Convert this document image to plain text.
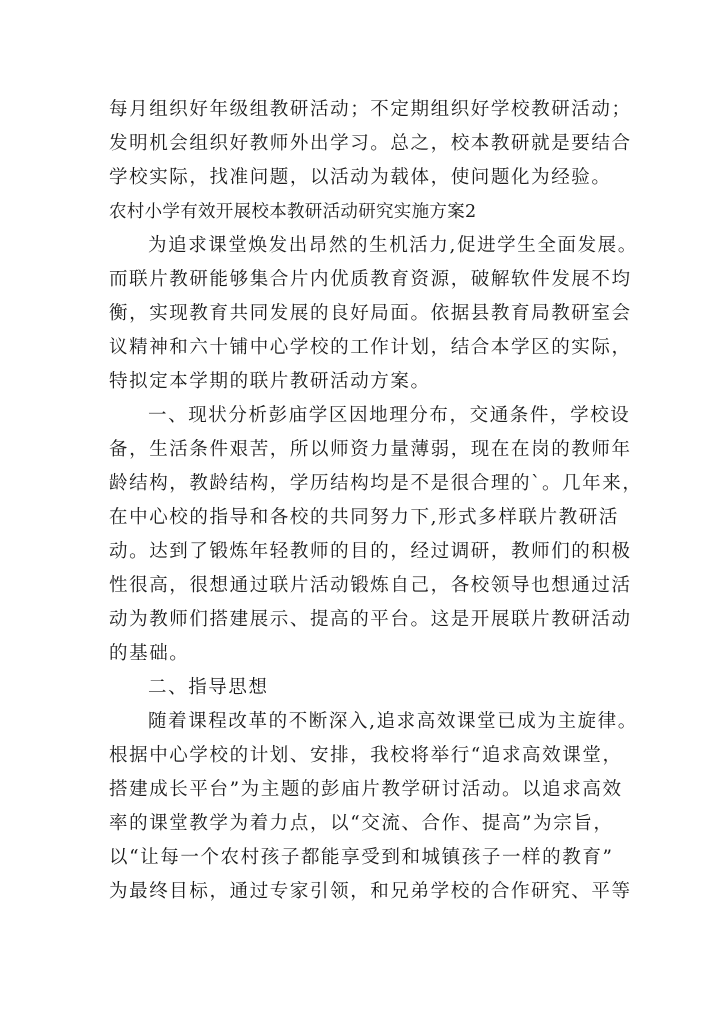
每月组织好年级组教研活动；不定期组织好学校教研活动；
发明机会组织好教师外出学习。总之，校本教研就是要结合
学校实际，找准问题，以活动为载体，使问题化为经验。
农村小学有效开展校本教研活动研究实施方案2
为追求课堂焕发出昂然的生机活力,促进学生全面发展。
而联片教研能够集合片内优质教育资源，破解软件发展不均
衡，实现教育共同发展的良好局面。依据县教育局教研室会
议精神和六十铺中心学校的工作计划，结合本学区的实际，
特拟定本学期的联片教研活动方案。
一、现状分析彭庙学区因地理分布，交通条件，学校设
备，生活条件艰苦，所以师资力量薄弱，现在在岗的教师年
龄结构，教龄结构，学历结构均是不是很合理的`。几年来，
在中心校的指导和各校的共同努力下,形式多样联片教研活
动。达到了锻炼年轻教师的目的，经过调研，教师们的积极
性很高，很想通过联片活动锻炼自己，各校领导也想通过活
动为教师们搭建展示、提高的平台。这是开展联片教研活动
的基础。
二、指导思想
随着课程改革的不断深入,追求高效课堂已成为主旋律。
根据中心学校的计划、安排，我校将举行“追求高效课堂，
搭建成长平台”为主题的彭庙片教学研讨活动。以追求高效
率的课堂教学为着力点，以“交流、合作、提高”为宗旨，
以“让每一个农村孩子都能享受到和城镇孩子一样的教育”
为最终目标，通过专家引领，和兄弟学校的合作研究、平等
